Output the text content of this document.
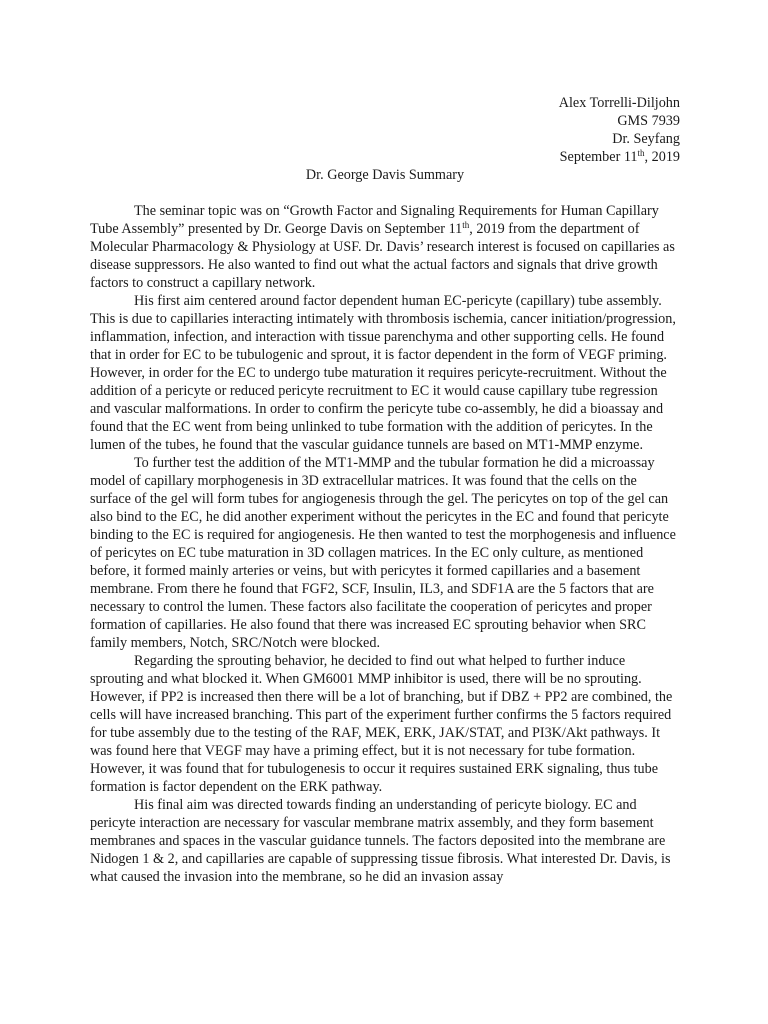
Alex Torrelli-Diljohn
GMS 7939
Dr. Seyfang
September 11th, 2019
Dr. George Davis Summary

The seminar topic was on “Growth Factor and Signaling Requirements for Human Capillary Tube Assembly” presented by Dr. George Davis on September 11th, 2019 from the department of Molecular Pharmacology & Physiology at USF. Dr. Davis’ research interest is focused on capillaries as disease suppressors. He also wanted to find out what the actual factors and signals that drive growth factors to construct a capillary network.

His first aim centered around factor dependent human EC-pericyte (capillary) tube assembly. This is due to capillaries interacting intimately with thrombosis ischemia, cancer initiation/progression, inflammation, infection, and interaction with tissue parenchyma and other supporting cells. He found that in order for EC to be tubulogenic and sprout, it is factor dependent in the form of VEGF priming. However, in order for the EC to undergo tube maturation it requires pericyte-recruitment. Without the addition of a pericyte or reduced pericyte recruitment to EC it would cause capillary tube regression and vascular malformations. In order to confirm the pericyte tube co-assembly, he did a bioassay and found that the EC went from being unlinked to tube formation with the addition of pericytes. In the lumen of the tubes, he found that the vascular guidance tunnels are based on MT1-MMP enzyme.

To further test the addition of the MT1-MMP and the tubular formation he did a microassay model of capillary morphogenesis in 3D extracellular matrices. It was found that the cells on the surface of the gel will form tubes for angiogenesis through the gel. The pericytes on top of the gel can also bind to the EC, he did another experiment without the pericytes in the EC and found that pericyte binding to the EC is required for angiogenesis. He then wanted to test the morphogenesis and influence of pericytes on EC tube maturation in 3D collagen matrices. In the EC only culture, as mentioned before, it formed mainly arteries or veins, but with pericytes it formed capillaries and a basement membrane. From there he found that FGF2, SCF, Insulin, IL3, and SDF1A are the 5 factors that are necessary to control the lumen. These factors also facilitate the cooperation of pericytes and proper formation of capillaries. He also found that there was increased EC sprouting behavior when SRC family members, Notch, SRC/Notch were blocked.

Regarding the sprouting behavior, he decided to find out what helped to further induce sprouting and what blocked it. When GM6001 MMP inhibitor is used, there will be no sprouting. However, if PP2 is increased then there will be a lot of branching, but if DBZ + PP2 are combined, the cells will have increased branching. This part of the experiment further confirms the 5 factors required for tube assembly due to the testing of the RAF, MEK, ERK, JAK/STAT, and PI3K/Akt pathways. It was found here that VEGF may have a priming effect, but it is not necessary for tube formation. However, it was found that for tubulogenesis to occur it requires sustained ERK signaling, thus tube formation is factor dependent on the ERK pathway.

His final aim was directed towards finding an understanding of pericyte biology. EC and pericyte interaction are necessary for vascular membrane matrix assembly, and they form basement membranes and spaces in the vascular guidance tunnels. The factors deposited into the membrane are Nidogen 1 & 2, and capillaries are capable of suppressing tissue fibrosis. What interested Dr. Davis, is what caused the invasion into the membrane, so he did an invasion assay
